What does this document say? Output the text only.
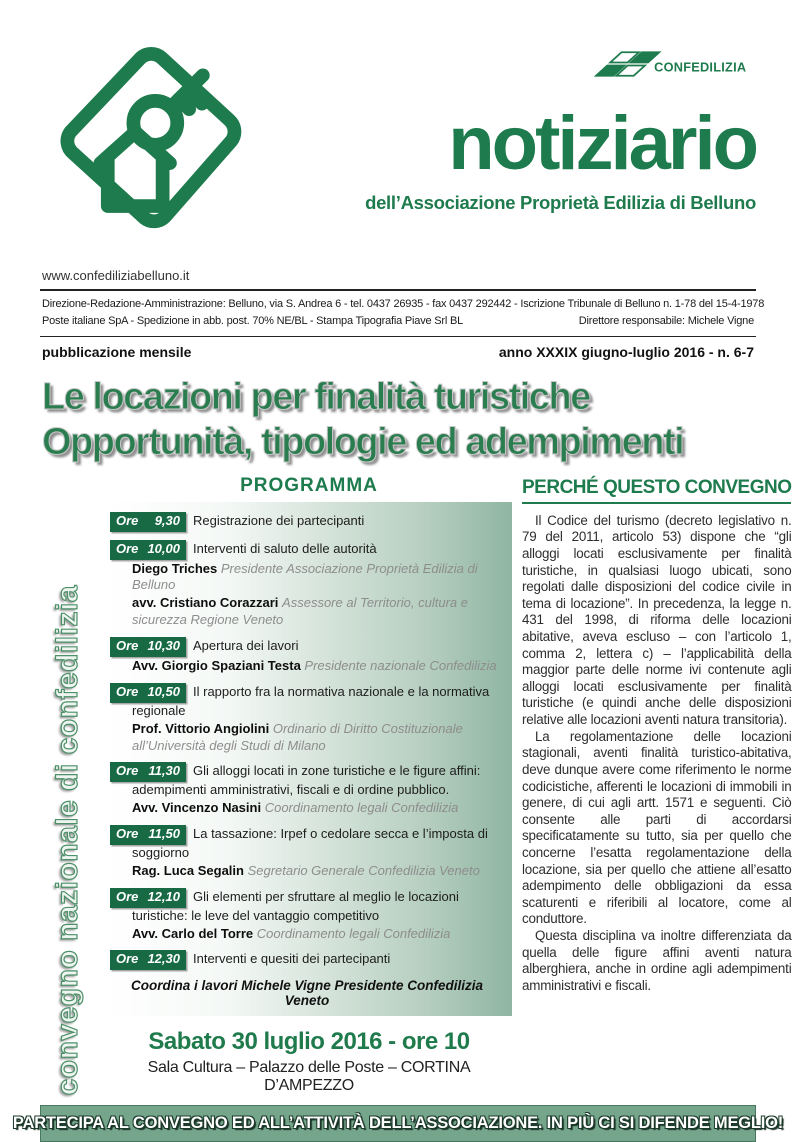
CONFEDILIZIA
notiziario
dell’Associazione Proprietà Edilizia di Belluno
www.confediliziabelluno.it
Direzione-Redazione-Amministrazione: Belluno, via S. Andrea 6 - tel. 0437 26935 - fax 0437 292442 - Iscrizione Tribunale di Belluno n. 1-78 del 15-4-1978
Poste italiane SpA - Spedizione in abb. post. 70% NE/BL - Stampa Tipografia Piave Srl BL	Direttore responsabile: Michele Vigne
pubblicazione mensile	anno XXXIX giugno-luglio 2016 - n. 6-7
Le locazioni per finalità turistiche
Opportunità, tipologie ed adempimenti
convegno nazionale di confedilizia
PROGRAMMA
Ore 9,30 Registrazione dei partecipanti
Ore 10,00 Interventi di saluto delle autorità
Diego Triches Presidente Associazione Proprietà Edilizia di Belluno
avv. Cristiano Corazzari Assessore al Territorio, cultura e sicurezza Regione Veneto
Ore 10,30 Apertura dei lavori
Avv. Giorgio Spaziani Testa Presidente nazionale Confedilizia
Ore 10,50 Il rapporto fra la normativa nazionale e la normativa regionale
Prof. Vittorio Angiolini Ordinario di Diritto Costituzionale all’Università degli Studi di Milano
Ore 11,30 Gli alloggi locati in zone turistiche e le figure affini: adempimenti amministrativi, fiscali e di ordine pubblico.
Avv. Vincenzo Nasini Coordinamento legali Confedilizia
Ore 11,50 La tassazione: Irpef o cedolare secca e l’imposta di soggiorno
Rag. Luca Segalin Segretario Generale Confedilizia Veneto
Ore 12,10 Gli elementi per sfruttare al meglio le locazioni turistiche: le leve del vantaggio competitivo
Avv. Carlo del Torre Coordinamento legali Confedilizia
Ore 12,30 Interventi e quesiti dei partecipanti
Coordina i lavori Michele Vigne Presidente Confedilizia Veneto
Sabato 30 luglio 2016 - ore 10
Sala Cultura – Palazzo delle Poste – CORTINA D’AMPEZZO
PERCHÉ QUESTO CONVEGNO

Il Codice del turismo (decreto legislativo n. 79 del 2011, articolo 53) dispone che “gli alloggi locati esclusivamente per finalità turistiche, in qualsiasi luogo ubicati, sono regolati dalle disposizioni del codice civile in tema di locazione”. In precedenza, la legge n. 431 del 1998, di riforma delle locazioni abitative, aveva escluso – con l’articolo 1, comma 2, lettera c) – l’applicabilità della maggior parte delle norme ivi contenute agli alloggi locati esclusivamente per finalità turistiche (e quindi anche delle disposizioni relative alle locazioni aventi natura transitoria).

La regolamentazione delle locazioni stagionali, aventi finalità turistico-abitativa, deve dunque avere come riferimento le norme codicistiche, afferenti le locazioni di immobili in genere, di cui agli artt. 1571 e seguenti. Ciò consente alle parti di accordarsi specificatamente su tutto, sia per quello che concerne l’esatta regolamentazione della locazione, sia per quello che attiene all’esatto adempimento delle obbligazioni da essa scaturenti e riferibili al locatore, come al conduttore.

Questa disciplina va inoltre differenziata da quella delle figure affini aventi natura alberghiera, anche in ordine agli adempimenti amministrativi e fiscali.

PARTECIPA AL CONVEGNO ED ALL’ATTIVITÀ DELL’ASSOCIAZIONE. IN PIÙ CI SI DIFENDE MEGLIO!
